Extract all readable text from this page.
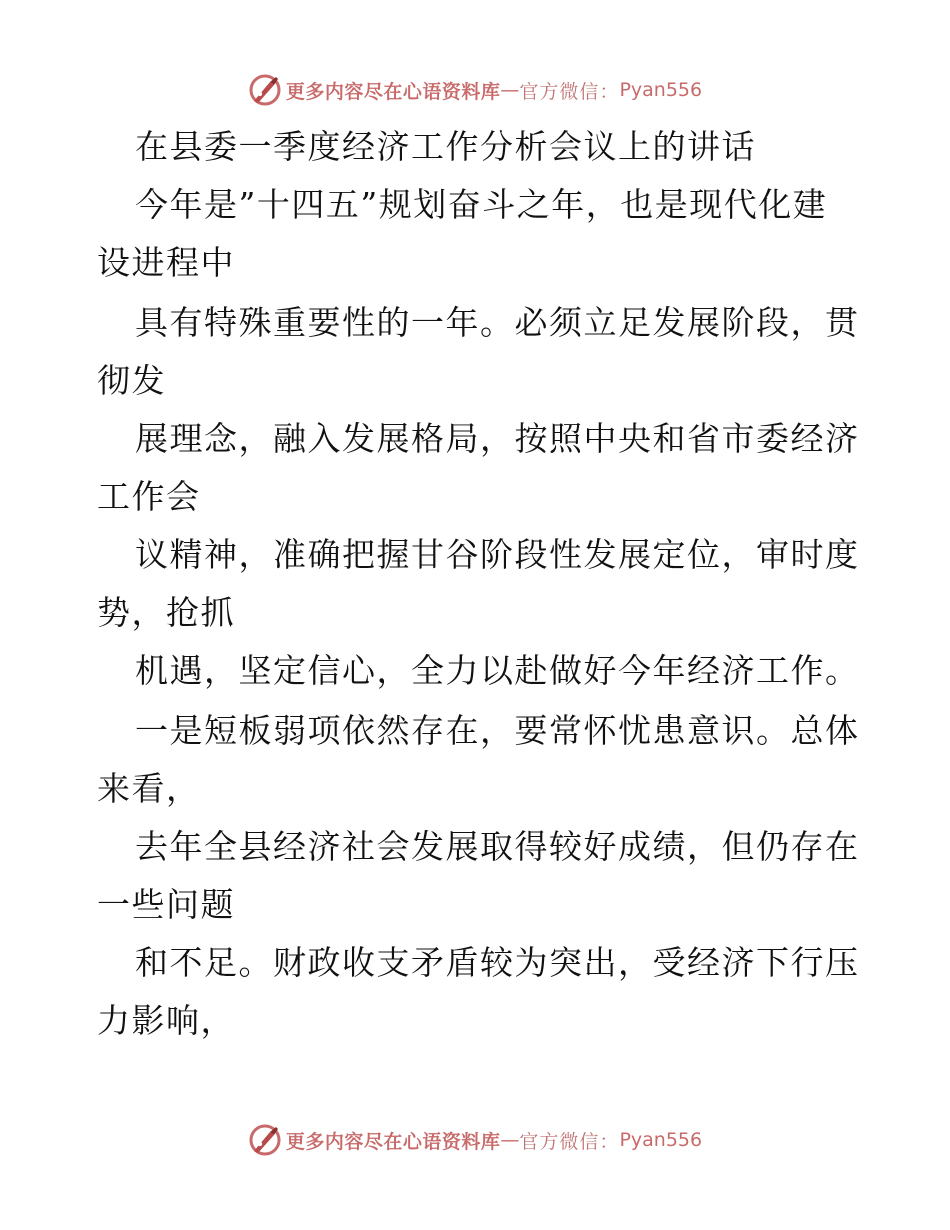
更多内容尽在心语资料库 — 官方微信： Pyan556
在县委一季度经济工作分析会议上的讲话
今年是”十四五”规划奋斗之年，也是现代化建
设进程中
具有特殊重要性的一年。必须立足发展阶段，贯
彻发
展理念，融入发展格局，按照中央和省市委经济
工作会
议精神，准确把握甘谷阶段性发展定位，审时度
势，抢抓
机遇，坚定信心，全力以赴做好今年经济工作。
一是短板弱项依然存在，要常怀忧患意识。总体
来看，
去年全县经济社会发展取得较好成绩，但仍存在
一些问题
和不足。财政收支矛盾较为突出，受经济下行压
力影响，
更多内容尽在心语资料库 — 官方微信： Pyan556
